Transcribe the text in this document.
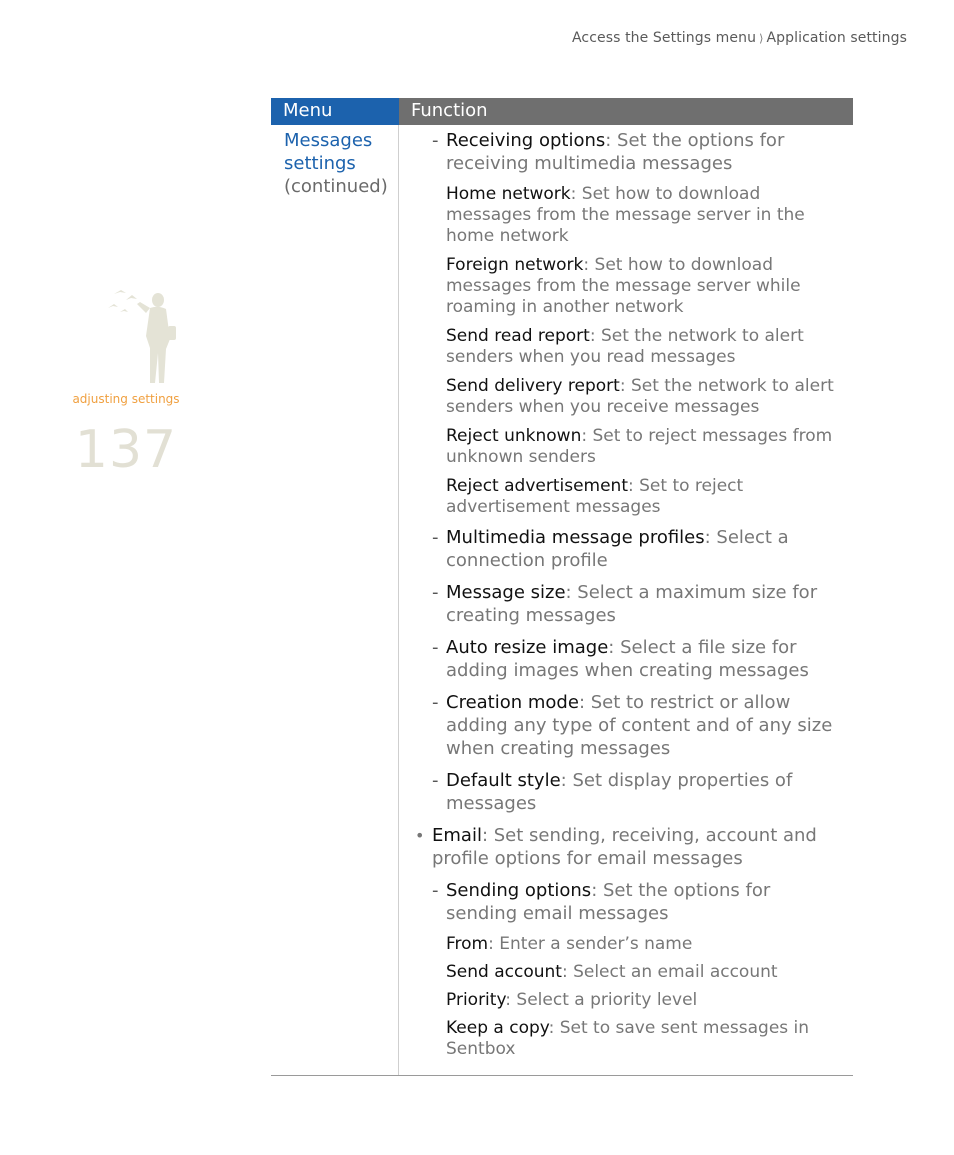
Access the Settings menu ⟩ Application settings
adjusting settings
137
Menu	Function
Messages settings
(continued)
- Receiving options: Set the options for receiving multimedia messages
Home network: Set how to download messages from the message server in the home network
Foreign network: Set how to download messages from the message server while roaming in another network
Send read report: Set the network to alert senders when you read messages
Send delivery report: Set the network to alert senders when you receive messages
Reject unknown: Set to reject messages from unknown senders
Reject advertisement: Set to reject advertisement messages
- Multimedia message profiles: Select a connection profile
- Message size: Select a maximum size for creating messages
- Auto resize image: Select a file size for adding images when creating messages
- Creation mode: Set to restrict or allow adding any type of content and of any size when creating messages
- Default style: Set display properties of messages
• Email: Set sending, receiving, account and profile options for email messages
- Sending options: Set the options for sending email messages
From: Enter a sender’s name
Send account: Select an email account
Priority: Select a priority level
Keep a copy: Set to save sent messages in Sentbox
